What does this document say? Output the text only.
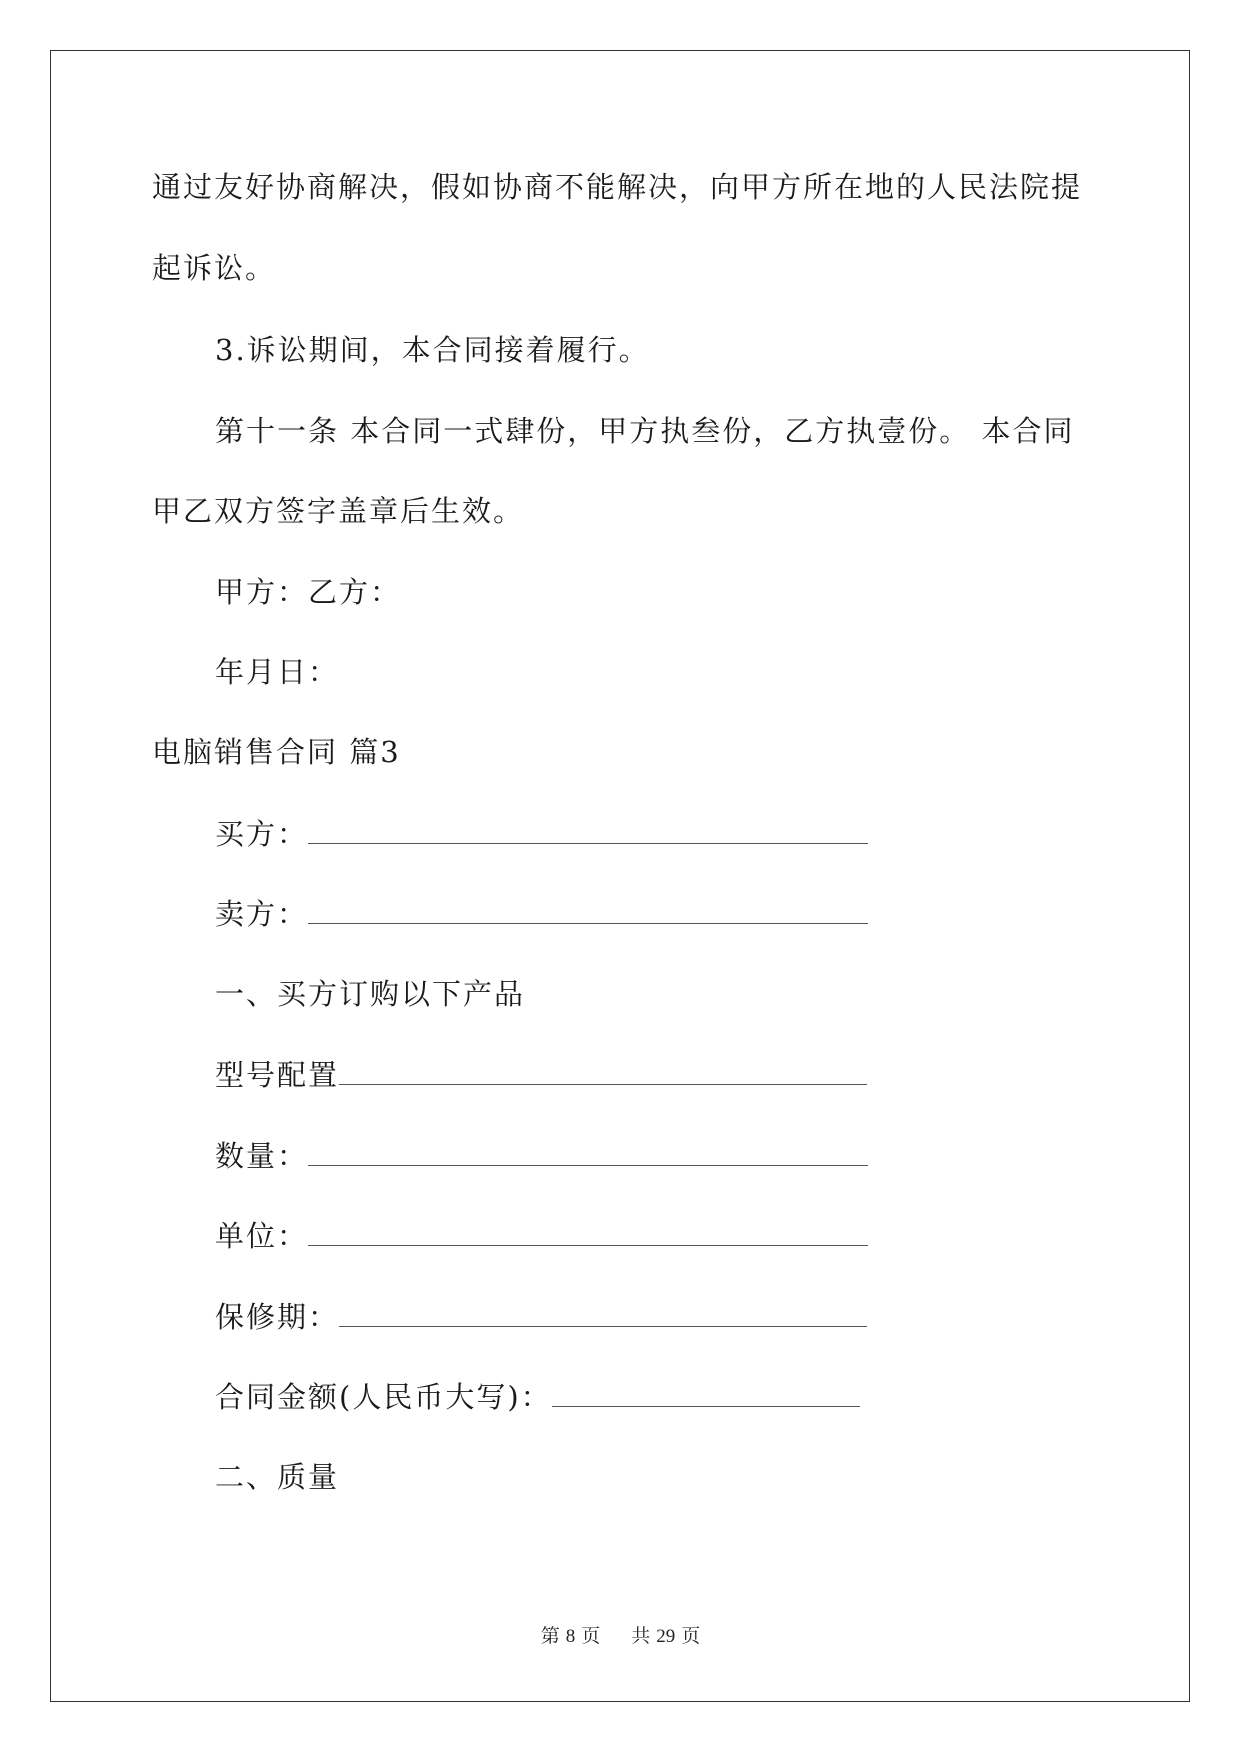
通过友好协商解决，假如协商不能解决，向甲方所在地的人民法院提
起诉讼。
3.诉讼期间，本合同接着履行。
第十一条 本合同一式肆份，甲方执叁份，乙方执壹份。 本合同
甲乙双方签字盖章后生效。
甲方：乙方：
年月日：
电脑销售合同 篇3
买方：
卖方：
一、买方订购以下产品
型号配置
数量：
单位：
保修期：
合同金额(人民币大写)：
二、质量
第 8 页 共 29 页
